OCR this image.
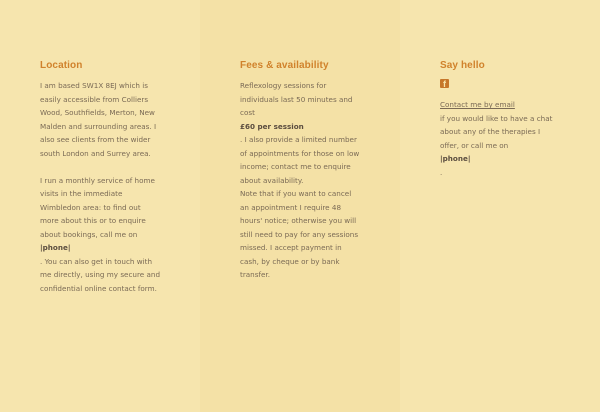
Location

I am based SW1X 8EJ which is easily accessible from Colliers Wood, Southfields, Merton, New Malden and surrounding areas. I also see clients from the wider south London and Surrey area.

I run a monthly service of home visits in the immediate Wimbledon area: to find out more about this or to enquire about bookings, call me on

|phone|

. You can also get in touch with me directly, using my secure and confidential online contact form.

Fees & availability

Reflexology sessions for individuals last 50 minutes and cost

£60 per session

. I also provide a limited number of appointments for those on low income; contact me to enquire about availability.

Note that if you want to cancel an appointment I require 48 hours' notice; otherwise you will still need to pay for any sessions missed. I accept payment in cash, by cheque or by bank transfer.

Say hello
f

Contact me by email

if you would like to have a chat about any of the therapies I offer, or call me on

|phone|

.
